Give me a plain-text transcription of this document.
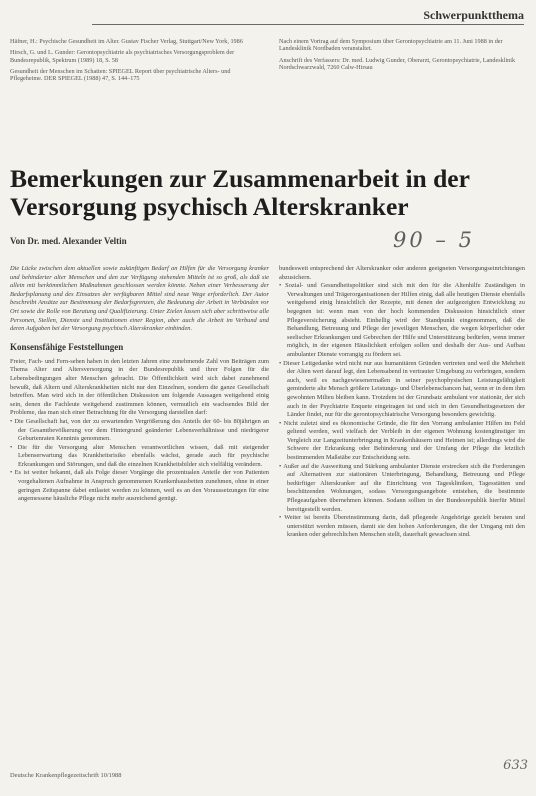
Schwerpunktthema

Häfner, H.: Psychische Gesundheit im Alter. Gustav Fischer Verlag, Stuttgart/New York, 1986

Hirsch, G. und L. Gunder: Gerontopsychiatrie als psychiatrisches Versorgungsproblem der Bundesrepublik, Spektrum (1989) 18, S. 58

Gesundheit der Menschen im Schatten: SPIEGEL Report über psychiatrische Alters- und Pflegeheime. DER SPIEGEL (1988) 47, S. 144–175

Nach einem Vortrag auf dem Symposium über Gerontopsychiatrie am 11. Juni 1988 in der Landesklinik Nordbaden veranstaltet.

Anschrift des Verfassers: Dr. med. Ludwig Gunder, Oberarzt, Gerontopsychiatrie, Landesklinik Nordschwarzwald, 7260 Calw-Hirsau

Bemerkungen zur Zusammenarbeit in der Versorgung psychisch Alterskranker
Von Dr. med. Alexander Veltin	90 – 5

Die Lücke zwischen dem aktuellen sowie zukünftigen Bedarf an Hilfen für die Versorgung kranker und behinderter alter Menschen und den zur Verfügung stehenden Mitteln ist so groß, als daß sie allein mit herkömmlichen Maßnahmen geschlossen werden könnte. Neben einer Verbesserung der Bedarfsplanung und des Einsatzes der verfügbaren Mittel sind neue Wege erforderlich. Der Autor beschreibt Ansätze zur Bestimmung der Bedarfsgrenzen, die Bedeutung der Arbeit in Verbünden vor Ort sowie die Rolle von Beratung und Qualifizierung. Unter Zielen lassen sich aber schrittweise alle Personen, Stellen, Dienste und Institutionen einer Region, aber auch die Arbeit im Verbund und deren Aufgaben bei der Versorgung psychisch Alterskranker einbinden.

Konsensfähige Feststellungen

Freier, Fach- und Fern-sehen haben in den letzten Jahren eine zunehmende Zahl von Beiträgen zum Thema Alter und Altersversorgung in der Bundesrepublik und ihrer Folgen für die Lebensbedingungen alter Menschen gebracht. Die Öffentlichkeit wird sich dabei zunehmend bewußt, daß Altern und Alterskrankheiten nicht nur den Einzelnen, sondern die ganze Gesellschaft betreffen. Man wird sich in der öffentlichen Diskussion um folgende Aussagen weitgehend einig sein, denen die Fachleute weitgehend zustimmen können, vermutlich ein wachsendes Bild der Probleme, das man sich einer Betrachtung für die Versorgung darstellen darf:

• Die Gesellschaft hat, von der zu erwartenden Vergrößerung des Anteils der 60- bis 80jährigen an der Gesamtbevölkerung vor dem Hintergrund geänderter Lebensverhältnisse und niedrigerer Geburtenraten Kenntnis genommen.

• Die für die Versorgung alter Menschen verantwortlichen wissen, daß mit steigender Lebenserwartung das Krankheitsrisiko ebenfalls wächst, gerade auch für psychische Erkrankungen und Störungen, und daß die einzelnen Krankheitsbilder sich vielfältig verändern.

• Es ist weiter bekannt, daß als Folge dieser Vorgänge die prozentualen Anteile der von Patienten vorgehaltenen Aufnahme in Anspruch genommenen Krankenhausbetten zunehmen, ohne in einer geringen Zeitspanne dabei entlastet werden zu können, weil es an den Voraussetzungen für eine angemessene häusliche Pflege nicht mehr ausreichend genügt.

bundesweit entsprechend der Alterskranker oder anderen geeigneten Versorgungseinrichtungen abzusichern.

• Sozial- und Gesundheitspolitiker sind sich mit den für die Altenhilfe Zuständigen in Verwaltungen und Trägerorganisationen der Hilfen einig, daß alle heutigen Dienste ebenfalls weitgehend einig hinsichtlich der Rezepte, mit denen der aufgezeigten Entwicklung zu begegnen ist: wenn man von der hoch kommenden Diskussion hinsichtlich einer Pflegeversicherung absieht. Einhellig wird der Standpunkt eingenommen, daß die Behandlung, Betreuung und Pflege der jeweiligen Menschen, die wegen körperlicher oder seelischer Erkrankungen und Gebrechen der Hilfe und Unterstützung bedürfen, wenn immer möglich, in der eigenen Häuslichkeit erfolgen sollen und deshalb der Aus- und Aufbau ambulanter Dienste vorrangig zu fördern sei.

• Dieser Leitgedanke wird nicht nur aus humanitären Gründen vertreten und weil die Mehrheit der Alten wert darauf legt, den Lebensabend in vertrauter Umgebung zu verbringen, sondern auch, weil es nachgewiesenermaßen in seiner psychophysischen Leistungsfähigkeit geminderte alte Mensch größere Leistungs- und Überlebenschancen hat, wenn er in dem ihm gewohnten Milieu bleiben kann. Trotzdem ist der Grundsatz ambulant vor stationär, der sich auch in der Psychiatrie Enquete eingetragen ist und sich in den Gesundheitsgesetzen der Länder findet, nur für die gerontopsychiatrische Versorgung besonders gewichtig.

• Nicht zuletzt sind es ökonomische Gründe, die für den Vorrang ambulanter Hilfen im Feld geltend werden, weil vielfach der Verbleib in der eigenen Wohnung kostengünstiger im Vergleich zur Langzeitunterbringung in Krankenhäusern und Heimen ist; allerdings wird die Schwere der Erkrankung oder Behinderung und der Umfang der Pflege die letztlich bestimmenden Maßstäbe zur Entscheidung sein.

• Außer auf die Ausweitung und Stärkung ambulanter Dienste erstrecken sich die Forderungen auf Alternativen zur stationären Unterbringung, Behandlung, Betreuung und Pflege bedürftiger Alterskranker auf die Einrichtung von Tageskliniken, Tagesstätten und beschützenden Wohnungen, sodass Versorgungsangebote entstehen, die bestimmte Pflegeaufgaben übernehmen können. Sodann sollten in der Bundesrepublik hierfür Mittel bereitgestellt werden.

• Weiter ist bereits Übereinstimmung darin, daß pflegende Angehörige gezielt beraten und unterstützt werden müssen, damit sie den hohen Anforderungen, die der Umgang mit den kranken oder gebrechlichen Menschen stellt, dauerhaft gewachsen sind.

Deutsche Krankenpflegezeitschrift 10/1988
633
